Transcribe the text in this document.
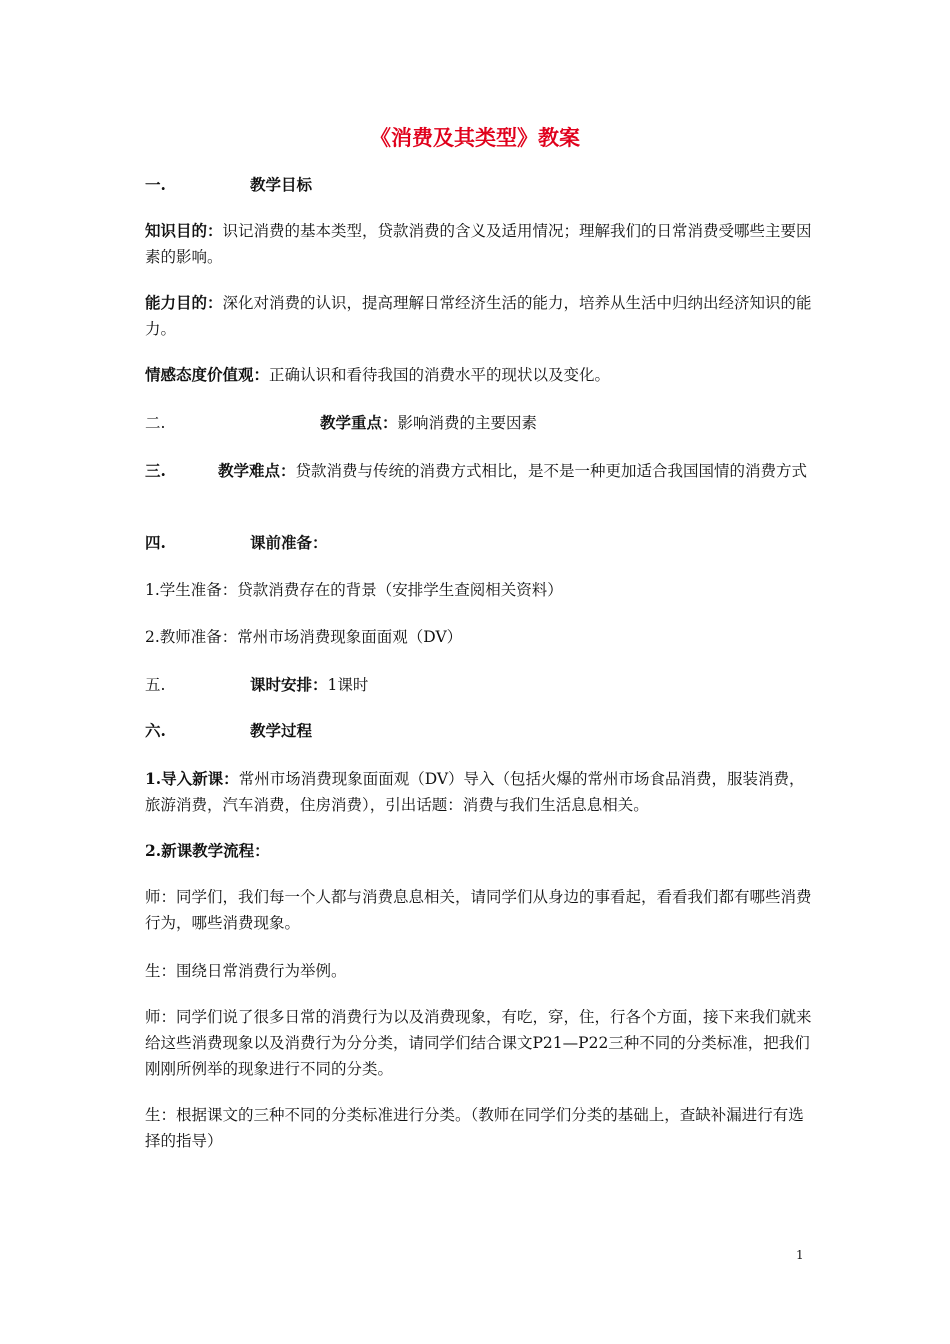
《消费及其类型》教案
一.	教学目标
知识目的：识记消费的基本类型，贷款消费的含义及适用情况；理解我们的日常消费受哪些主要因素的影响。
能力目的：深化对消费的认识，提高理解日常经济生活的能力，培养从生活中归纳出经济知识的能力。
情感态度价值观：正确认识和看待我国的消费水平的现状以及变化。
二.	教学重点：影响消费的主要因素
三.	教学难点：贷款消费与传统的消费方式相比，是不是一种更加适合我国国情的消费方式
四.	课前准备：
1.学生准备：贷款消费存在的背景（安排学生查阅相关资料）
2.教师准备：常州市场消费现象面面观（DV）
五.	课时安排：1课时
六.	教学过程
1.导入新课：常州市场消费现象面面观（DV）导入（包括火爆的常州市场食品消费，服装消费，旅游消费，汽车消费，住房消费），引出话题：消费与我们生活息息相关。
2.新课教学流程：
师：同学们，我们每一个人都与消费息息相关，请同学们从身边的事看起，看看我们都有哪些消费行为，哪些消费现象。
生：围绕日常消费行为举例。
师：同学们说了很多日常的消费行为以及消费现象，有吃，穿，住，行各个方面，接下来我们就来给这些消费现象以及消费行为分分类，请同学们结合课文P21—P22三种不同的分类标准，把我们刚刚所例举的现象进行不同的分类。
生：根据课文的三种不同的分类标准进行分类。（教师在同学们分类的基础上，查缺补漏进行有选择的指导）
1
